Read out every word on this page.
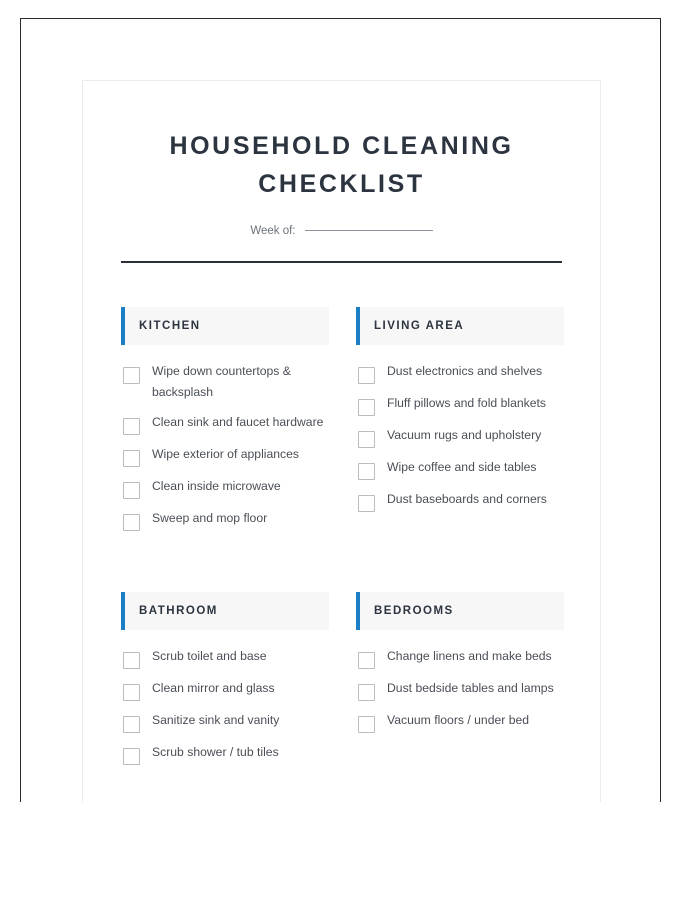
HOUSEHOLD CLEANING CHECKLIST
Week of:
KITCHEN
Wipe down countertops & backsplash
Clean sink and faucet hardware
Wipe exterior of appliances
Clean inside microwave
Sweep and mop floor
LIVING AREA
Dust electronics and shelves
Fluff pillows and fold blankets
Vacuum rugs and upholstery
Wipe coffee and side tables
Dust baseboards and corners
BATHROOM
Scrub toilet and base
Clean mirror and glass
Sanitize sink and vanity
Scrub shower / tub tiles
BEDROOMS
Change linens and make beds
Dust bedside tables and lamps
Vacuum floors / under bed
